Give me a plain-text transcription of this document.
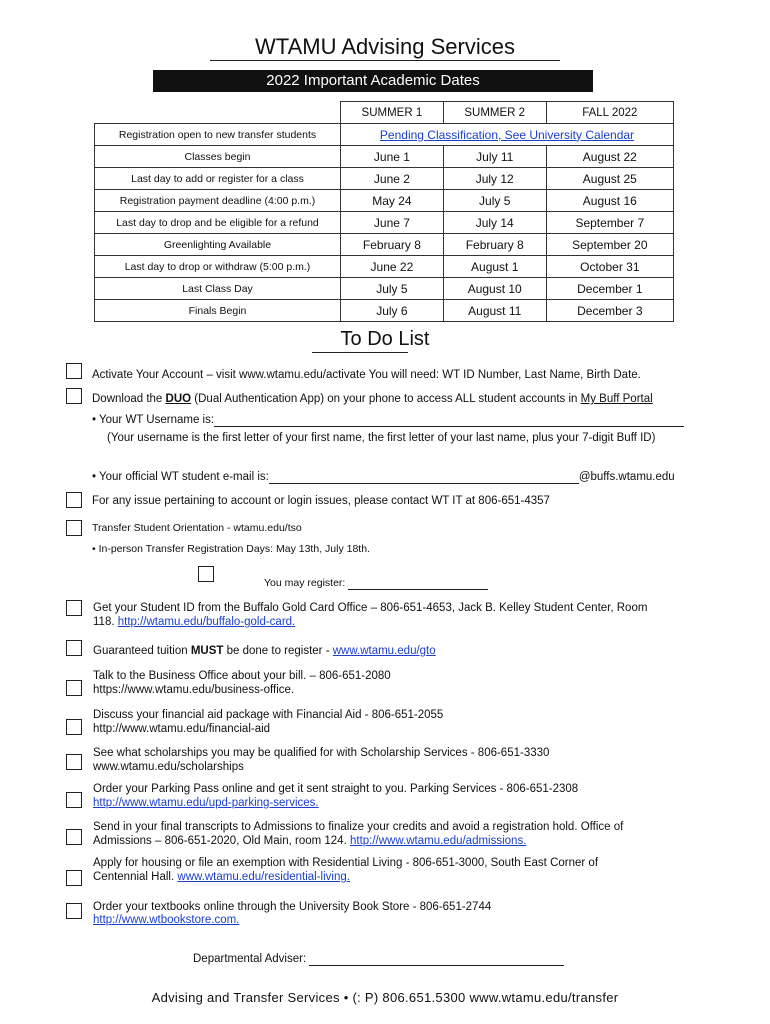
WTAMU Advising Services
2022 Important Academic Dates
	SUMMER 1	SUMMER 2	FALL 2022
Registration open to new transfer students	Pending Classification, See University Calendar		
Classes begin	June 1	July 11	August 22
Last day to add or register for a class	June 2	July 12	August 25
Registration payment deadline (4:00 p.m.)	May 24	July 5	August 16
Last day to drop and be eligible for a refund	June 7	July 14	September 7
Greenlighting Available	February 8	February 8	September 20
Last day to drop or withdraw (5:00 p.m.)	June 22	August 1	October 31
Last Class Day	July 5	August 10	December 1
Finals Begin	July 6	August 11	December 3
To Do List
Activate Your Account – visit www.wtamu.edu/activate You will need: WT ID Number, Last Name, Birth Date.
Download the DUO (Dual Authentication App) on your phone to access ALL student accounts in My Buff Portal
• Your WT Username is:
(Your username is the first letter of your first name, the first letter of your last name, plus your 7-digit Buff ID)
• Your official WT student e-mail is:	@buffs.wtamu.edu
For any issue pertaining to account or login issues, please contact WT IT at 806-651-4357
Transfer Student Orientation - wtamu.edu/tso
• In-person Transfer Registration Days: May 13th, July 18th.
You may register:
Get your Student ID from the Buffalo Gold Card Office – 806-651-4653, Jack B. Kelley Student Center, Room 118. http://wtamu.edu/buffalo-gold-card.
Guaranteed tuition MUST be done to register - www.wtamu.edu/gto
Talk to the Business Office about your bill. – 806-651-2080
https://www.wtamu.edu/business-office.
Discuss your financial aid package with Financial Aid - 806-651-2055
http://www.wtamu.edu/financial-aid
See what scholarships you may be qualified for with Scholarship Services - 806-651-3330
www.wtamu.edu/scholarships
Order your Parking Pass online and get it sent straight to you. Parking Services - 806-651-2308
http://www.wtamu.edu/upd-parking-services.
Send in your final transcripts to Admissions to finalize your credits and avoid a registration hold. Office of Admissions – 806-651-2020, Old Main, room 124. http://www.wtamu.edu/admissions.
Apply for housing or file an exemption with Residential Living - 806-651-3000, South East Corner of Centennial Hall. www.wtamu.edu/residential-living.
Order your textbooks online through the University Book Store - 806-651-2744
http://www.wtbookstore.com.
Departmental Adviser:
Advising and Transfer Services • (: P) 806.651.5300 www.wtamu.edu/transfer
